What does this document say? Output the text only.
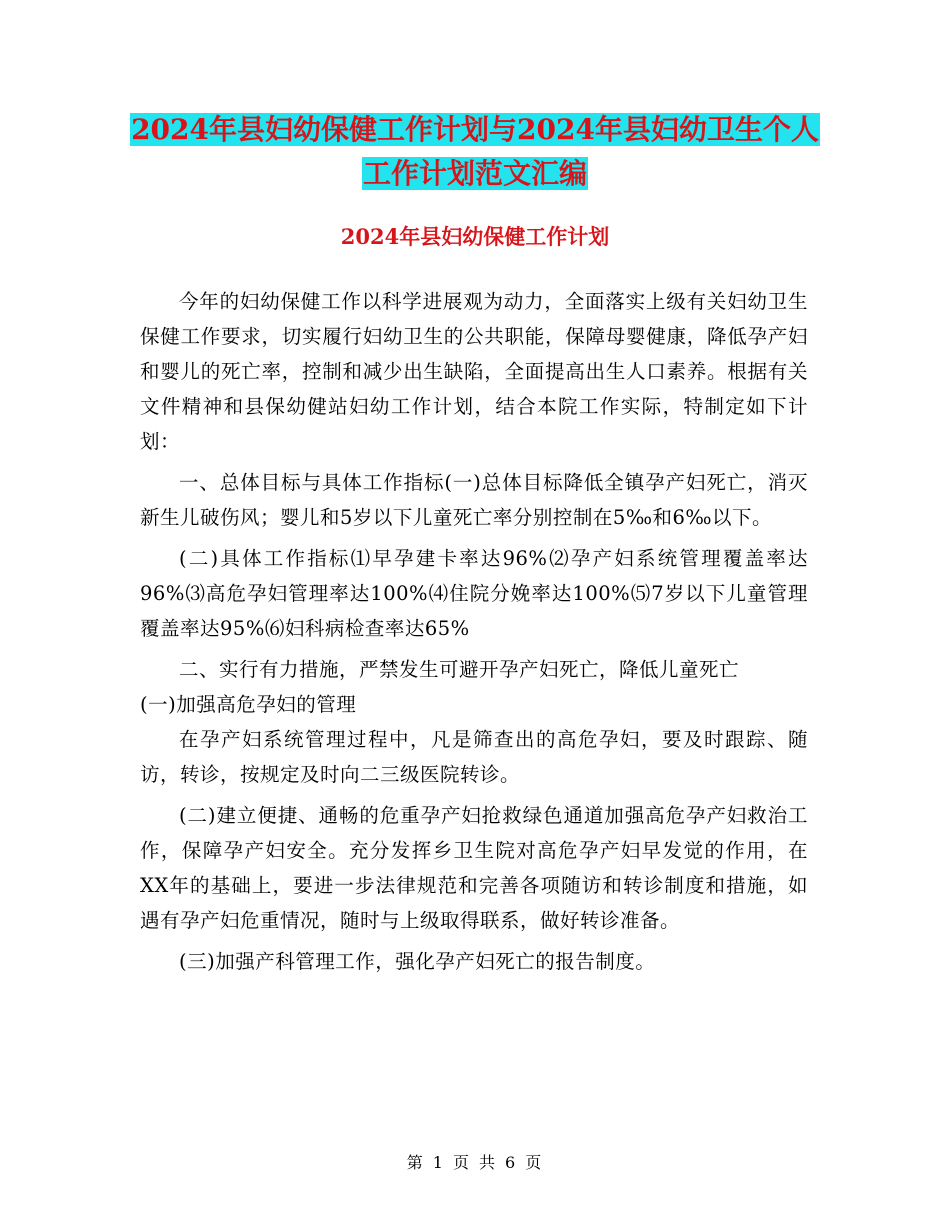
2024年县妇幼保健工作计划与2024年县妇幼卫生个人
工作计划范文汇编
2024年县妇幼保健工作计划

今年的妇幼保健工作以科学进展观为动力，全面落实上级有关妇幼卫生保健工作要求，切实履行妇幼卫生的公共职能，保障母婴健康，降低孕产妇和婴儿的死亡率，控制和减少出生缺陷，全面提高出生人口素养。根据有关文件精神和县保幼健站妇幼工作计划，结合本院工作实际，特制定如下计划：

一、总体目标与具体工作指标(一)总体目标降低全镇孕产妇死亡，消灭新生儿破伤风；婴儿和5岁以下儿童死亡率分别控制在5‰和6‰以下。

(二)具体工作指标⑴早孕建卡率达96%⑵孕产妇系统管理覆盖率达96%⑶高危孕妇管理率达100%⑷住院分娩率达100%⑸7岁以下儿童管理覆盖率达95%⑹妇科病检查率达65%

二、实行有力措施，严禁发生可避开孕产妇死亡，降低儿童死亡

(一)加强高危孕妇的管理

在孕产妇系统管理过程中，凡是筛查出的高危孕妇，要及时跟踪、随访，转诊，按规定及时向二三级医院转诊。

(二)建立便捷、通畅的危重孕产妇抢救绿色通道加强高危孕产妇救治工作，保障孕产妇安全。充分发挥乡卫生院对高危孕产妇早发觉的作用，在XX年的基础上，要进一步法律规范和完善各项随访和转诊制度和措施，如遇有孕产妇危重情况，随时与上级取得联系，做好转诊准备。

(三)加强产科管理工作，强化孕产妇死亡的报告制度。

第 1 页 共 6 页
